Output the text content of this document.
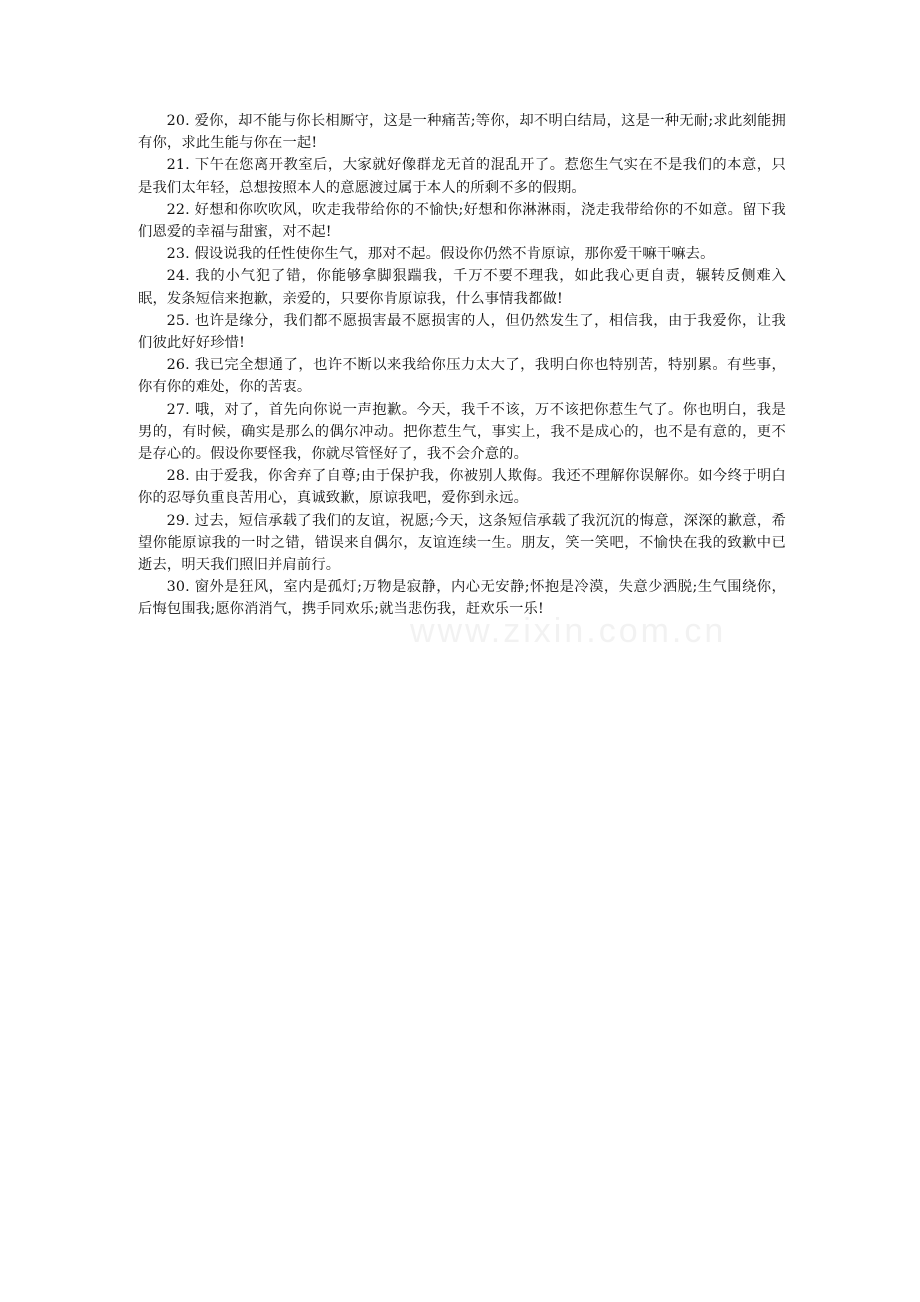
20. 爱你，却不能与你长相厮守，这是一种痛苦;等你，却不明白结局，这是一种无耐;求此刻能拥有你，求此生能与你在一起!

21. 下午在您离开教室后，大家就好像群龙无首的混乱开了。惹您生气实在不是我们的本意，只是我们太年轻，总想按照本人的意愿渡过属于本人的所剩不多的假期。

22. 好想和你吹吹风，吹走我带给你的不愉快;好想和你淋淋雨，浇走我带给你的不如意。留下我们恩爱的幸福与甜蜜，对不起!

23. 假设说我的任性使你生气，那对不起。假设你仍然不肯原谅，那你爱干嘛干嘛去。

24. 我的小气犯了错，你能够拿脚狠踹我，千万不要不理我，如此我心更自责，辗转反侧难入眠，发条短信来抱歉，亲爱的，只要你肯原谅我，什么事情我都做!

25. 也许是缘分，我们都不愿损害最不愿损害的人，但仍然发生了，相信我，由于我爱你，让我们彼此好好珍惜!

26. 我已完全想通了，也许不断以来我给你压力太大了，我明白你也特别苦，特别累。有些事，你有你的难处，你的苦衷。

27. 哦，对了，首先向你说一声抱歉。今天，我千不该，万不该把你惹生气了。你也明白，我是男的，有时候，确实是那么的偶尔冲动。把你惹生气，事实上，我不是成心的，也不是有意的，更不是存心的。假设你要怪我，你就尽管怪好了，我不会介意的。

28. 由于爱我，你舍弃了自尊;由于保护我，你被别人欺侮。我还不理解你误解你。如今终于明白你的忍辱负重良苦用心，真诚致歉，原谅我吧，爱你到永远。

29. 过去，短信承载了我们的友谊，祝愿;今天，这条短信承载了我沉沉的悔意，深深的歉意，希望你能原谅我的一时之错，错误来自偶尔，友谊连续一生。朋友，笑一笑吧，不愉快在我的致歉中已逝去，明天我们照旧并肩前行。

30. 窗外是狂风，室内是孤灯;万物是寂静，内心无安静;怀抱是冷漠，失意少洒脱;生气围绕你，后悔包围我;愿你消消气，携手同欢乐;就当悲伤我，赶欢乐一乐!

www.zixin.com.cn
